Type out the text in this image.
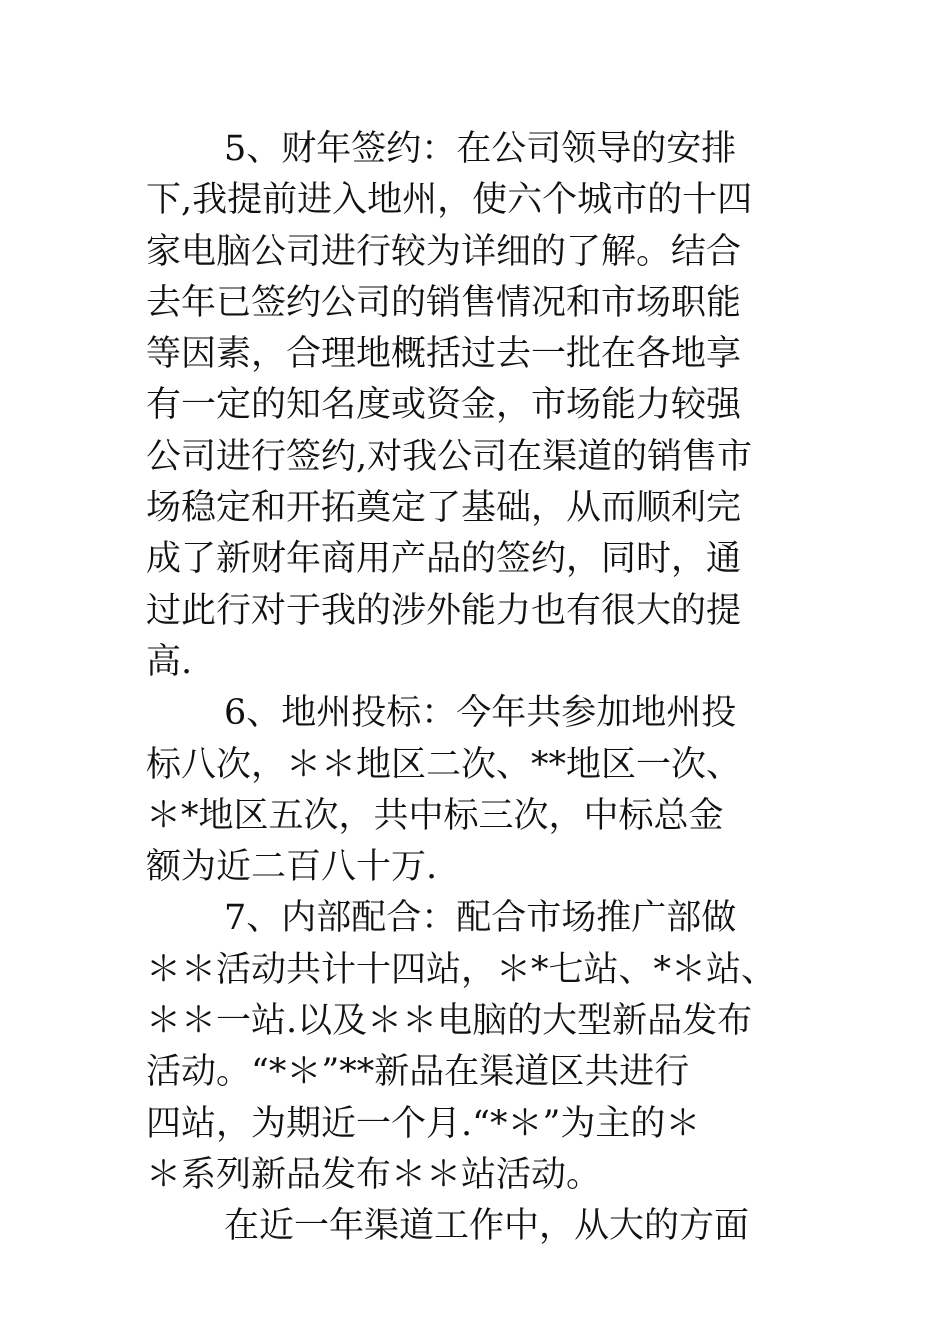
5、财年签约：在公司领导的安排
下,我提前进入地州，使六个城市的十四
家电脑公司进行较为详细的了解。结合
去年已签约公司的销售情况和市场职能
等因素，合理地概括过去一批在各地享
有一定的知名度或资金，市场能力较强
公司进行签约,对我公司在渠道的销售市
场稳定和开拓奠定了基础，从而顺利完
成了新财年商用产品的签约，同时，通
过此行对于我的涉外能力也有很大的提
高.
6、地州投标：今年共参加地州投
标八次，＊＊地区二次、**地区一次、
＊*地区五次，共中标三次，中标总金
额为近二百八十万.
7、内部配合：配合市场推广部做
＊＊活动共计十四站，＊*七站、*＊站、
＊＊一站.以及＊＊电脑的大型新品发布
活动。“*＊”**新品在渠道区共进行
四站，为期近一个月.“*＊”为主的＊
＊系列新品发布＊＊站活动。
在近一年渠道工作中，从大的方面
